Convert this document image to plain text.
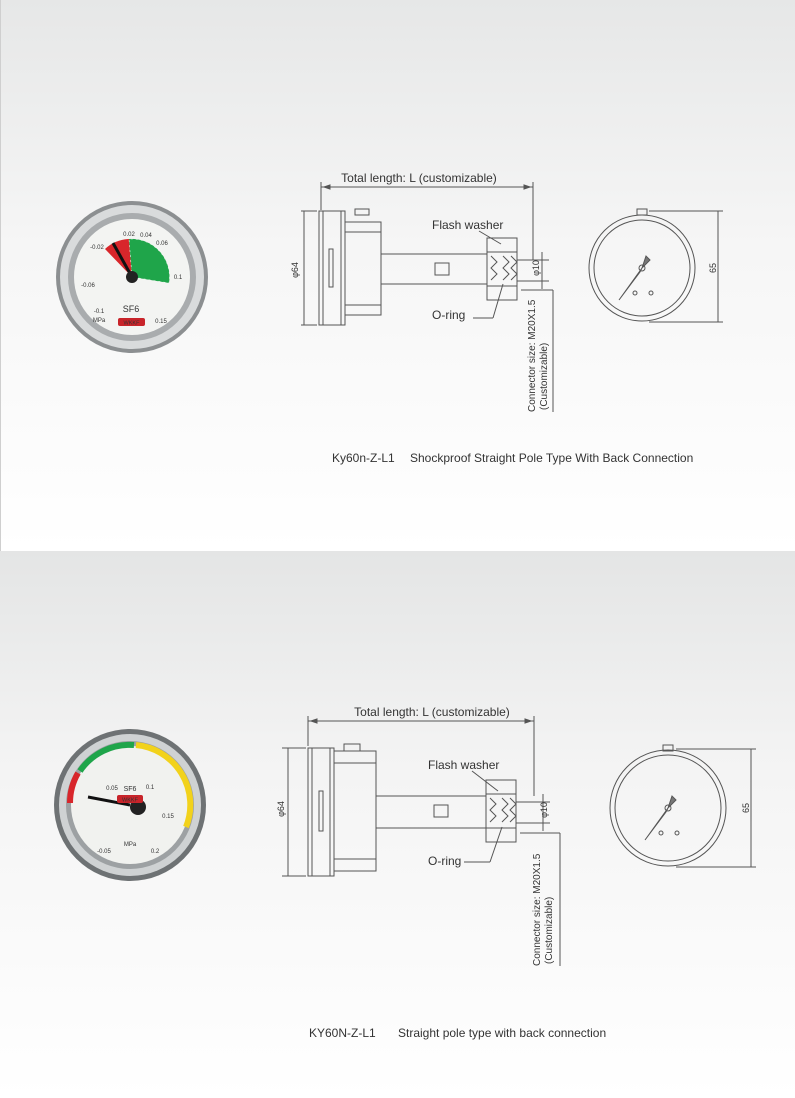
WKKF
SF6
MPa
-0.1
-0.06
-0.02
0.02 0.04
0.06
0.1
0.15
Total length: L (customizable)
Flash washer
O-ring
φ64	φ10
Connector size: M20X1.5 (Customizable)
65
Ky60n-Z-L1 Shockproof Straight Pole Type With Back Connection
WKKF
SF6
MPa
0.05	0.1
0.15
0.2
-0.05
Total length: L (customizable)
Flash washer
O-ring
φ64	φ10
Connector size: M20X1.5 (Customizable)
65
KY60N-Z-L1 Straight pole type with back connection
